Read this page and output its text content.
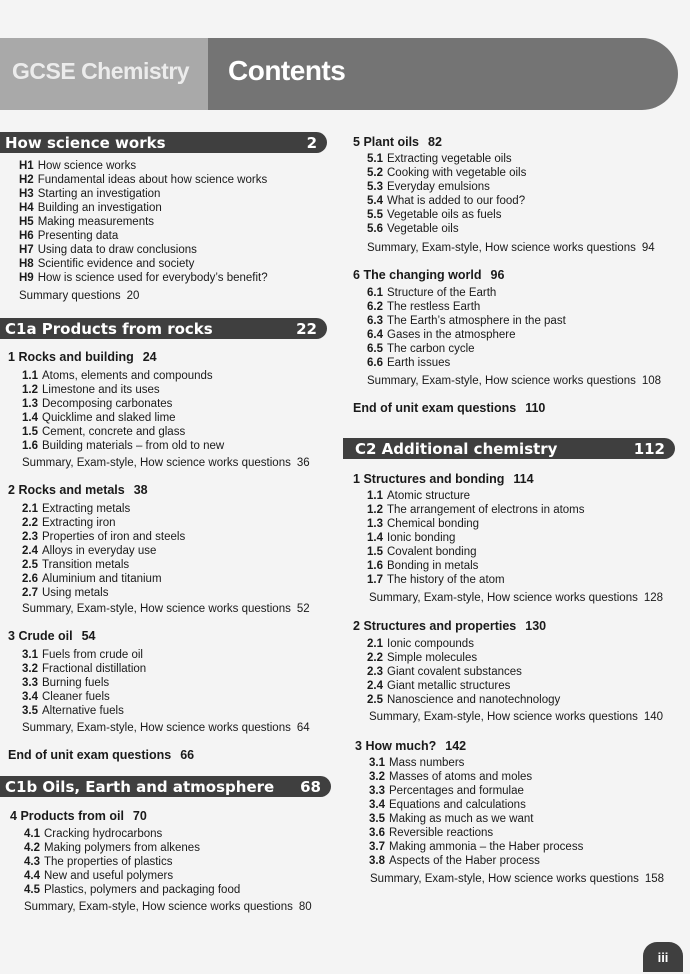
GCSE Chemistry Contents
How science works	2
H1 How science works
H2 Fundamental ideas about how science works
H3 Starting an investigation
H4 Building an investigation
H5 Making measurements
H6 Presenting data
H7 Using data to draw conclusions
H8 Scientific evidence and society
H9 How is science used for everybody’s benefit?
Summary questions 20
C1a Products from rocks	22
1 Rocks and building 24
1.1 Atoms, elements and compounds
1.2 Limestone and its uses
1.3 Decomposing carbonates
1.4 Quicklime and slaked lime
1.5 Cement, concrete and glass
1.6 Building materials – from old to new
Summary, Exam-style, How science works questions 36
2 Rocks and metals 38
2.1 Extracting metals
2.2 Extracting iron
2.3 Properties of iron and steels
2.4 Alloys in everyday use
2.5 Transition metals
2.6 Aluminium and titanium
2.7 Using metals
Summary, Exam-style, How science works questions 52
3 Crude oil 54
3.1 Fuels from crude oil
3.2 Fractional distillation
3.3 Burning fuels
3.4 Cleaner fuels
3.5 Alternative fuels
Summary, Exam-style, How science works questions 64
End of unit exam questions 66
C1b Oils, Earth and atmosphere 68
4 Products from oil 70
4.1 Cracking hydrocarbons
4.2 Making polymers from alkenes
4.3 The properties of plastics
4.4 New and useful polymers
4.5 Plastics, polymers and packaging food
Summary, Exam-style, How science works questions 80
5 Plant oils 82
5.1 Extracting vegetable oils
5.2 Cooking with vegetable oils
5.3 Everyday emulsions
5.4 What is added to our food?
5.5 Vegetable oils as fuels
5.6 Vegetable oils
Summary, Exam-style, How science works questions 94
6 The changing world 96
6.1 Structure of the Earth
6.2 The restless Earth
6.3 The Earth’s atmosphere in the past
6.4 Gases in the atmosphere
6.5 The carbon cycle
6.6 Earth issues
Summary, Exam-style, How science works questions 108
End of unit exam questions 110
C2 Additional chemistry	112
1 Structures and bonding 114
1.1 Atomic structure
1.2 The arrangement of electrons in atoms
1.3 Chemical bonding
1.4 Ionic bonding
1.5 Covalent bonding
1.6 Bonding in metals
1.7 The history of the atom
Summary, Exam-style, How science works questions 128
2 Structures and properties 130
2.1 Ionic compounds
2.2 Simple molecules
2.3 Giant covalent substances
2.4 Giant metallic structures
2.5 Nanoscience and nanotechnology
Summary, Exam-style, How science works questions 140
3 How much? 142
3.1 Mass numbers
3.2 Masses of atoms and moles
3.3 Percentages and formulae
3.4 Equations and calculations
3.5 Making as much as we want
3.6 Reversible reactions
3.7 Making ammonia – the Haber process
3.8 Aspects of the Haber process
Summary, Exam-style, How science works questions 158
iii
